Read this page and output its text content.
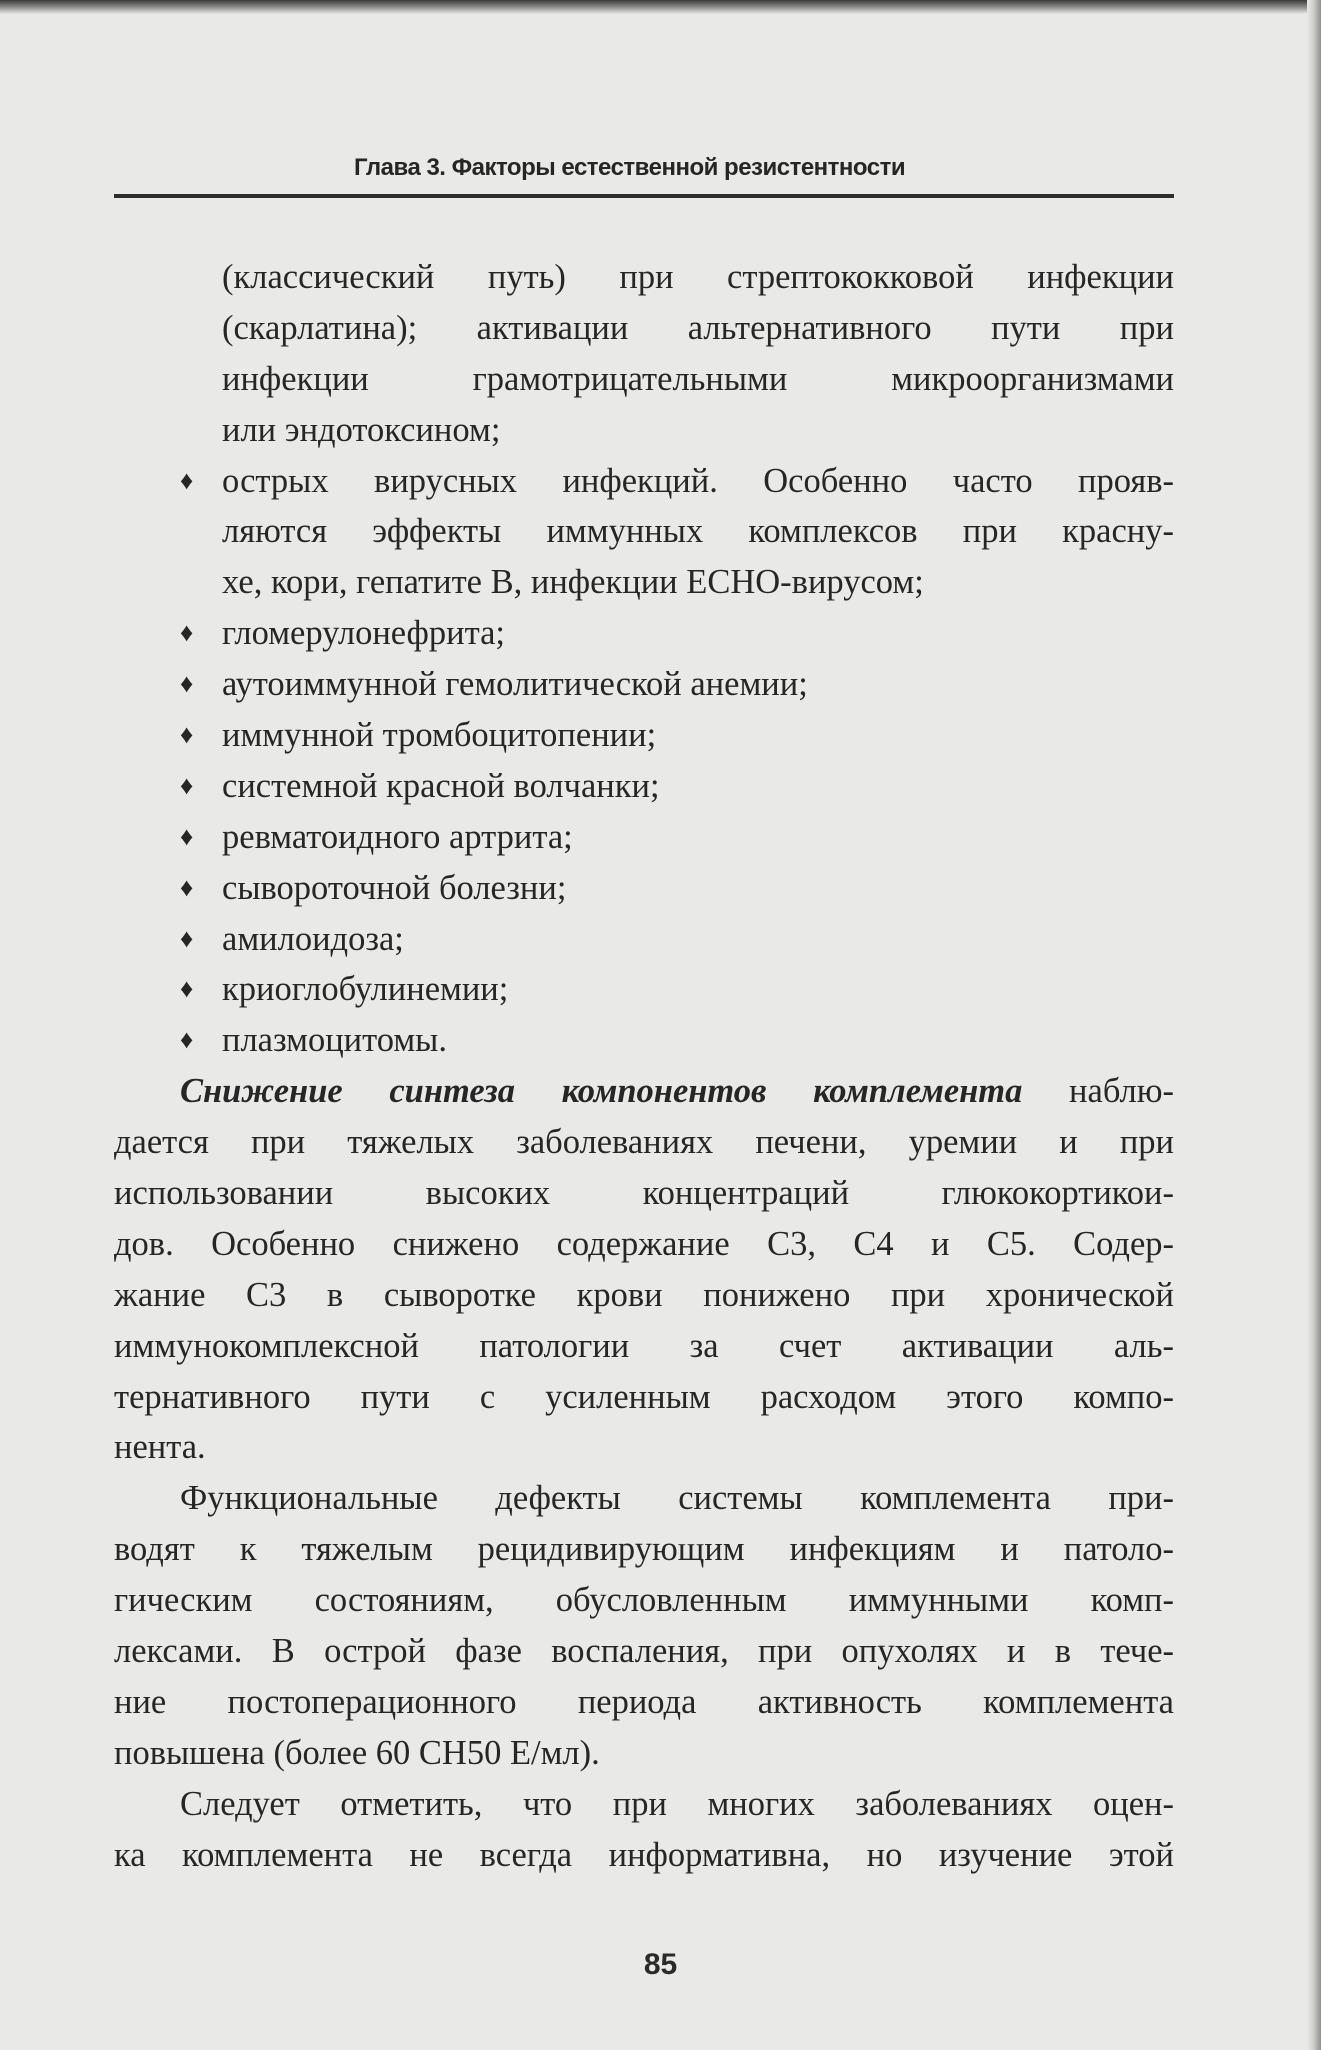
Глава 3. Факторы естественной резистентности
(классический путь) при стрептококковой инфекции
(скарлатина); активации альтернативного пути при
инфекции грамотрицательными микроорганизмами
или эндотоксином;
♦ острых вирусных инфекций. Особенно часто прояв-
ляются эффекты иммунных комплексов при красну-
хе, кори, гепатите В, инфекции ЕСНО-вирусом;
♦ гломерулонефрита;
♦ аутоиммунной гемолитической анемии;
♦ иммунной тромбоцитопении;
♦ системной красной волчанки;
♦ ревматоидного артрита;
♦ сывороточной болезни;
♦ амилоидоза;
♦ криоглобулинемии;
♦ плазмоцитомы.
Снижение синтеза компонентов комплемента наблю-
дается при тяжелых заболеваниях печени, уремии и при
использовании высоких концентраций глюкокортикои-
дов. Особенно снижено содержание С3, С4 и С5. Содер-
жание С3 в сыворотке крови понижено при хронической
иммунокомплексной патологии за счет активации аль-
тернативного пути с усиленным расходом этого компо-
нента.
Функциональные дефекты системы комплемента при-
водят к тяжелым рецидивирующим инфекциям и патоло-
гическим состояниям, обусловленным иммунными комп-
лексами. В острой фазе воспаления, при опухолях и в тече-
ние постоперационного периода активность комплемента
повышена (более 60 СН50 Е/мл).
Следует отметить, что при многих заболеваниях оцен-
ка комплемента не всегда информативна, но изучение этой
85
